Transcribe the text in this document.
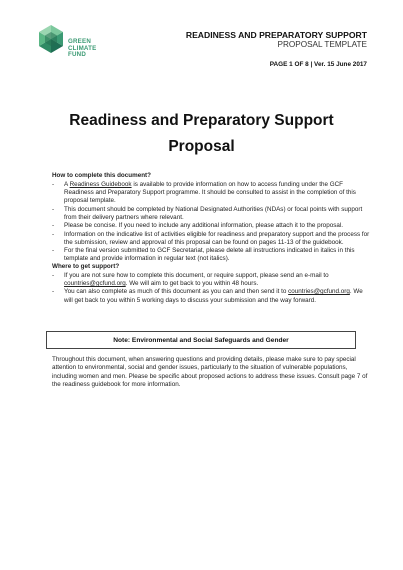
GREEN
CLIMATE
FUND
READINESS AND PREPARATORY SUPPORT
PROPOSAL TEMPLATE
PAGE 1 OF 8 | Ver. 15 June 2017
Readiness and Preparatory Support
Proposal
How to complete this document?
-	A Readiness Guidebook is available to provide information on how to access funding under the GCF Readiness and Preparatory Support programme. It should be consulted to assist in the completion of this proposal template.
-	This document should be completed by National Designated Authorities (NDAs) or focal points with support from their delivery partners where relevant.
-	Please be concise. If you need to include any additional information, please attach it to the proposal.
-	Information on the indicative list of activities eligible for readiness and preparatory support and the process for the submission, review and approval of this proposal can be found on pages 11-13 of the guidebook.
-	For the final version submitted to GCF Secretariat, please delete all instructions indicated in italics in this template and provide information in regular text (not italics).
Where to get support?
-	If you are not sure how to complete this document, or require support, please send an e-mail to countries@gcfund.org. We will aim to get back to you within 48 hours.
-	You can also complete as much of this document as you can and then send it to countries@gcfund.org. We will get back to you within 5 working days to discuss your submission and the way forward.
Note: Environmental and Social Safeguards and Gender
Throughout this document, when answering questions and providing details, please make sure to pay special attention to environmental, social and gender issues, particularly to the situation of vulnerable populations, including women and men. Please be specific about proposed actions to address these issues. Consult page 7 of the readiness guidebook for more information.
